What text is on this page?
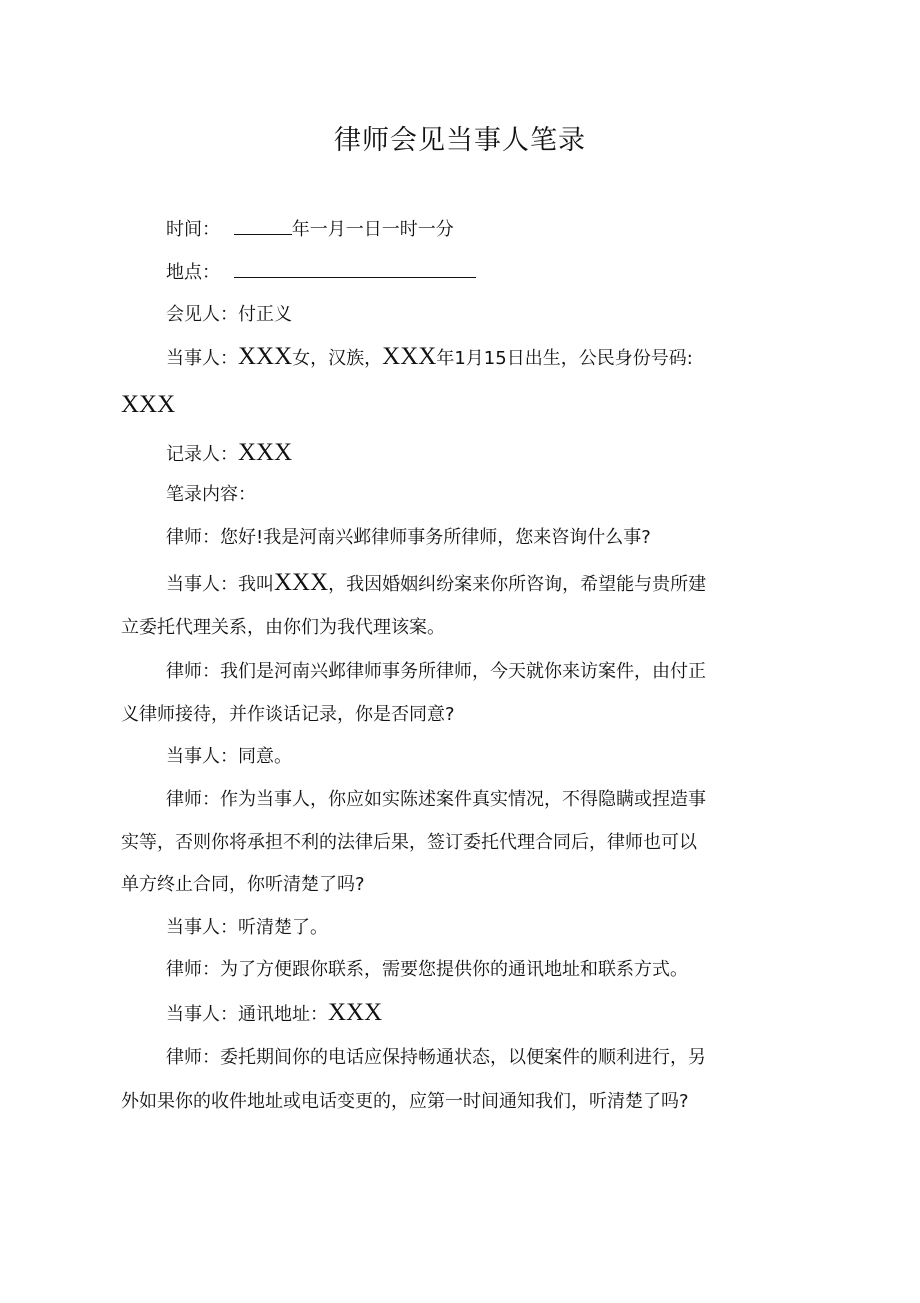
律师会见当事人笔录
时间：	年一月一日一时一分
地点：
会见人：付正义
当事人：XXX女，汉族，XXX年1月15日出生，公民身份号码:
XXX
记录人：XXX
笔录内容：
律师：您好!我是河南兴邺律师事务所律师，您来咨询什么事?
当事人：我叫XXX，我因婚姻纠纷案来你所咨询，希望能与贵所建
立委托代理关系，由你们为我代理该案。
律师：我们是河南兴邺律师事务所律师，今天就你来访案件，由付正
义律师接待，并作谈话记录，你是否同意?
当事人：同意。
律师：作为当事人，你应如实陈述案件真实情况，不得隐瞒或捏造事
实等，否则你将承担不利的法律后果，签订委托代理合同后，律师也可以
单方终止合同，你听清楚了吗?
当事人：听清楚了。
律师：为了方便跟你联系，需要您提供你的通讯地址和联系方式。
当事人：通讯地址：XXX
律师：委托期间你的电话应保持畅通状态，以便案件的顺利进行，另
外如果你的收件地址或电话变更的，应第一时间通知我们，听清楚了吗?
